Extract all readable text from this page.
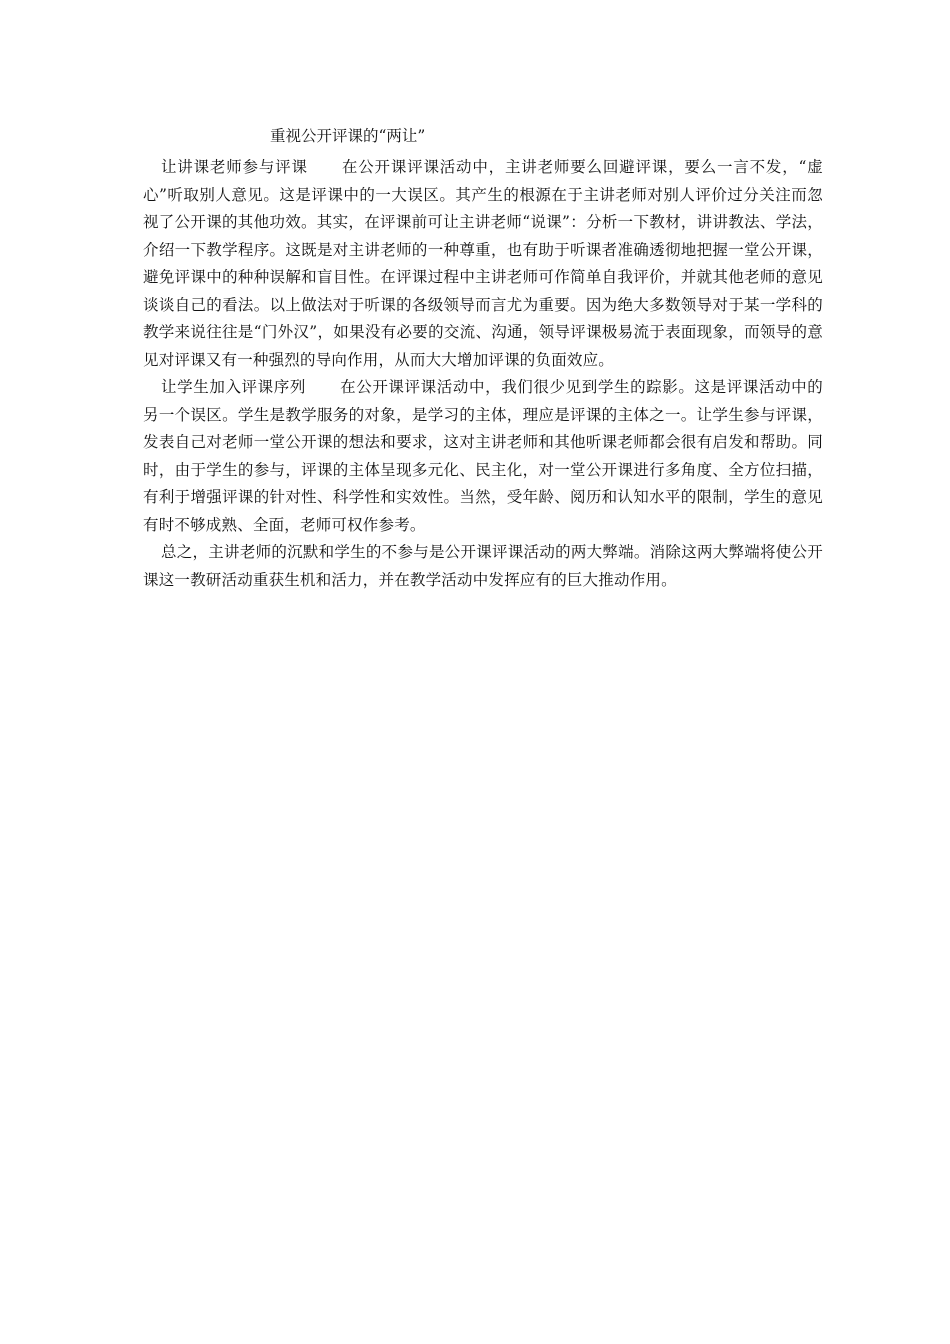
重视公开评课的“两让”

让讲课老师参与评课 在公开课评课活动中，主讲老师要么回避评课，要么一言不发，“虚心”听取别人意见。这是评课中的一大误区。其产生的根源在于主讲老师对别人评价过分关注而忽视了公开课的其他功效。其实，在评课前可让主讲老师“说课”：分析一下教材，讲讲教法、学法，介绍一下教学程序。这既是对主讲老师的一种尊重，也有助于听课者准确透彻地把握一堂公开课，避免评课中的种种误解和盲目性。在评课过程中主讲老师可作简单自我评价，并就其他老师的意见谈谈自己的看法。以上做法对于听课的各级领导而言尤为重要。因为绝大多数领导对于某一学科的教学来说往往是“门外汉”，如果没有必要的交流、沟通，领导评课极易流于表面现象，而领导的意见对评课又有一种强烈的导向作用，从而大大增加评课的负面效应。

让学生加入评课序列 在公开课评课活动中，我们很少见到学生的踪影。这是评课活动中的另一个误区。学生是教学服务的对象，是学习的主体，理应是评课的主体之一。让学生参与评课，发表自己对老师一堂公开课的想法和要求，这对主讲老师和其他听课老师都会很有启发和帮助。同时，由于学生的参与，评课的主体呈现多元化、民主化，对一堂公开课进行多角度、全方位扫描，有利于增强评课的针对性、科学性和实效性。当然，受年龄、阅历和认知水平的限制，学生的意见有时不够成熟、全面，老师可权作参考。

总之，主讲老师的沉默和学生的不参与是公开课评课活动的两大弊端。消除这两大弊端将使公开课这一教研活动重获生机和活力，并在教学活动中发挥应有的巨大推动作用。
